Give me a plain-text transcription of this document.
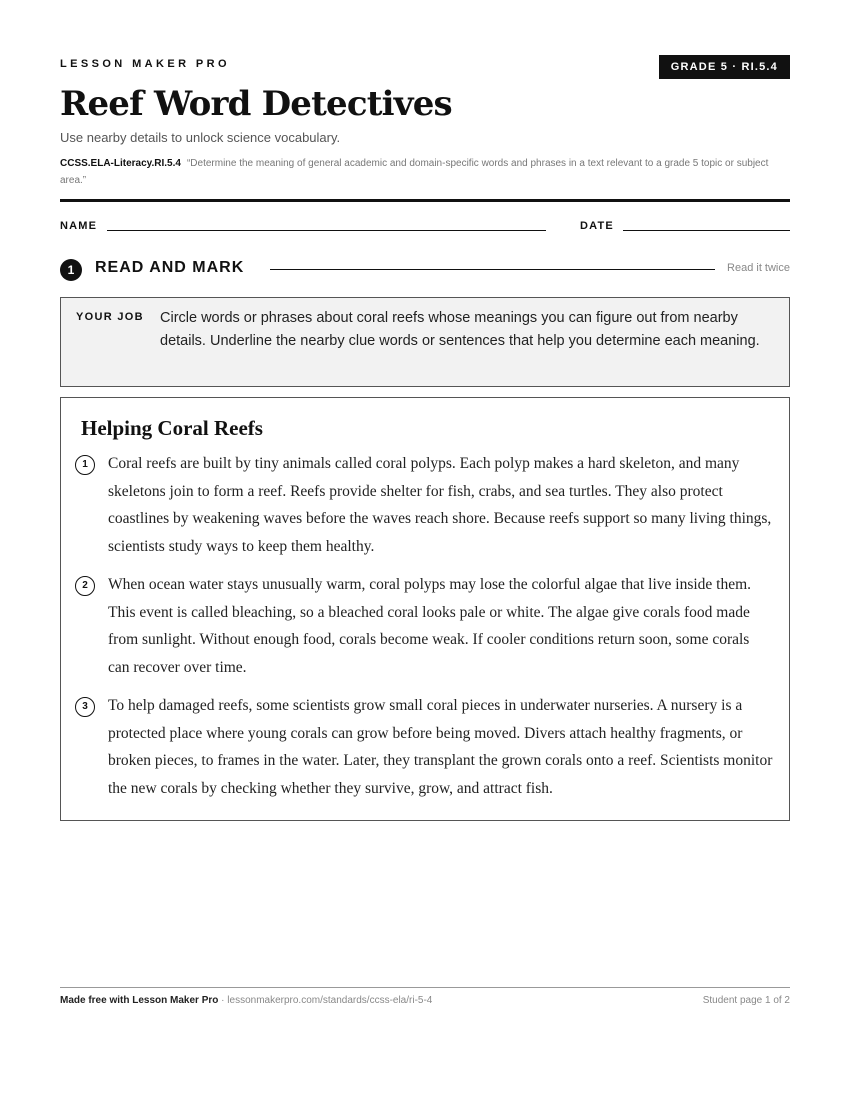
LESSON MAKER PRO	GRADE 5 · RI.5.4
Reef Word Detectives
Use nearby details to unlock science vocabulary.
CCSS.ELA-Literacy.RI.5.4 “Determine the meaning of general academic and domain-specific words and phrases in a text relevant to a grade 5 topic or subject area.”
NAME	DATE
1	READ AND MARK	Read it twice
YOUR JOB Circle words or phrases about coral reefs whose meanings you can figure out from nearby details. Underline the nearby clue words or sentences that help you determine each meaning.
Helping Coral Reefs
1	Coral reefs are built by tiny animals called coral polyps. Each polyp makes a hard skeleton, and many skeletons join to form a reef. Reefs provide shelter for fish, crabs, and sea turtles. They also protect coastlines by weakening waves before the waves reach shore. Because reefs support so many living things, scientists study ways to keep them healthy.

2	When ocean water stays unusually warm, coral polyps may lose the colorful algae that live inside them. This event is called bleaching, so a bleached coral looks pale or white. The algae give corals food made from sunlight. Without enough food, corals become weak. If cooler conditions return soon, some corals can recover over time.

3	To help damaged reefs, some scientists grow small coral pieces in underwater nurseries. A nursery is a protected place where young corals can grow before being moved. Divers attach healthy fragments, or broken pieces, to frames in the water. Later, they transplant the grown corals onto a reef. Scientists monitor the new corals by checking whether they survive, grow, and attract fish.

Made free with Lesson Maker Pro · lessonmakerpro.com/standards/ccss-ela/ri-5-4	Student page 1 of 2
